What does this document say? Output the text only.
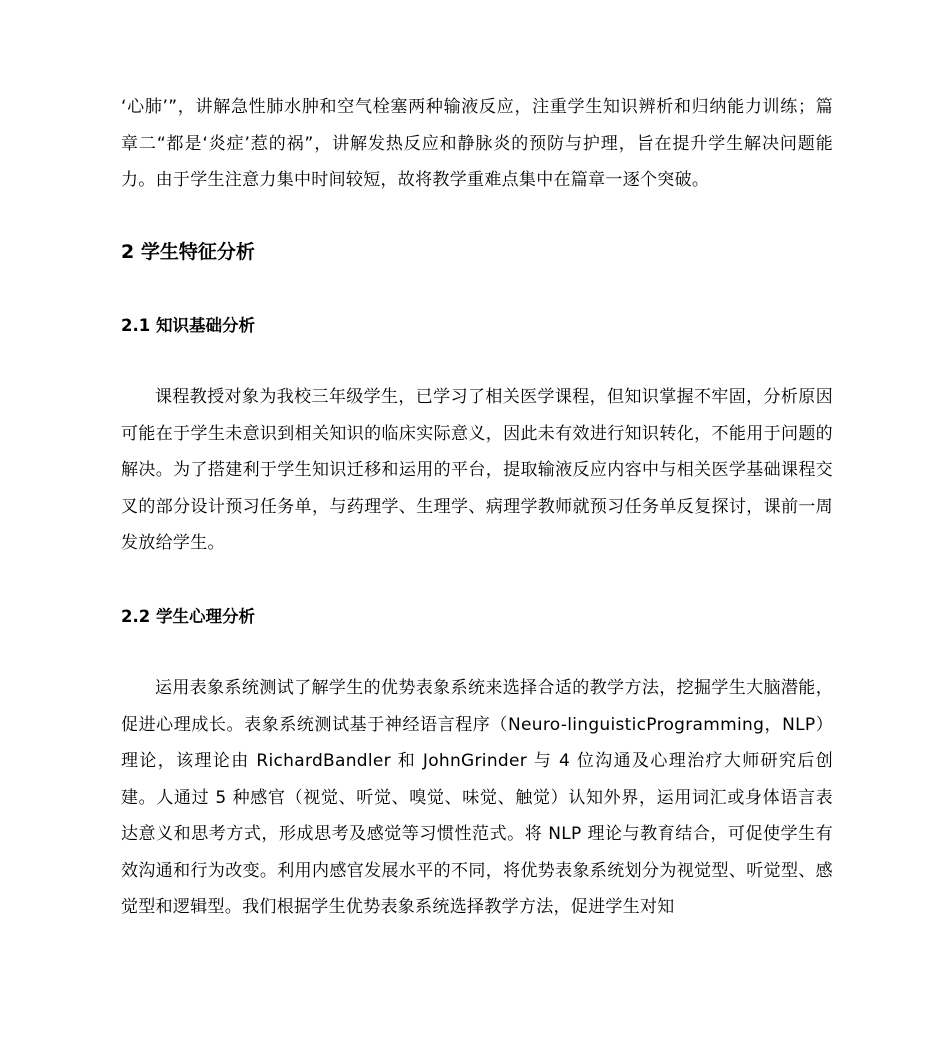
‘心肺’”，讲解急性肺水肿和空气栓塞两种输液反应，注重学生知识辨析和归纳能力训练；篇章二“都是‘炎症’惹的祸”，讲解发热反应和静脉炎的预防与护理，旨在提升学生解决问题能力。由于学生注意力集中时间较短，故将教学重难点集中在篇章一逐个突破。

2 学生特征分析
2.1 知识基础分析

课程教授对象为我校三年级学生，已学习了相关医学课程，但知识掌握不牢固，分析原因可能在于学生未意识到相关知识的临床实际意义，因此未有效进行知识转化，不能用于问题的解决。为了搭建利于学生知识迁移和运用的平台，提取输液反应内容中与相关医学基础课程交叉的部分设计预习任务单，与药理学、生理学、病理学教师就预习任务单反复探讨，课前一周发放给学生。

2.2 学生心理分析

运用表象系统测试了解学生的优势表象系统来选择合适的教学方法，挖掘学生大脑潜能，促进心理成长。表象系统测试基于神经语言程序（Neuro-linguisticProgramming，NLP）理论，该理论由 RichardBandler 和 JohnGrinder 与 4 位沟通及心理治疗大师研究后创建。人通过 5 种感官（视觉、听觉、嗅觉、味觉、触觉）认知外界，运用词汇或身体语言表达意义和思考方式，形成思考及感觉等习惯性范式。将 NLP 理论与教育结合，可促使学生有效沟通和行为改变。利用内感官发展水平的不同，将优势表象系统划分为视觉型、听觉型、感觉型和逻辑型。我们根据学生优势表象系统选择教学方法，促进学生对知
